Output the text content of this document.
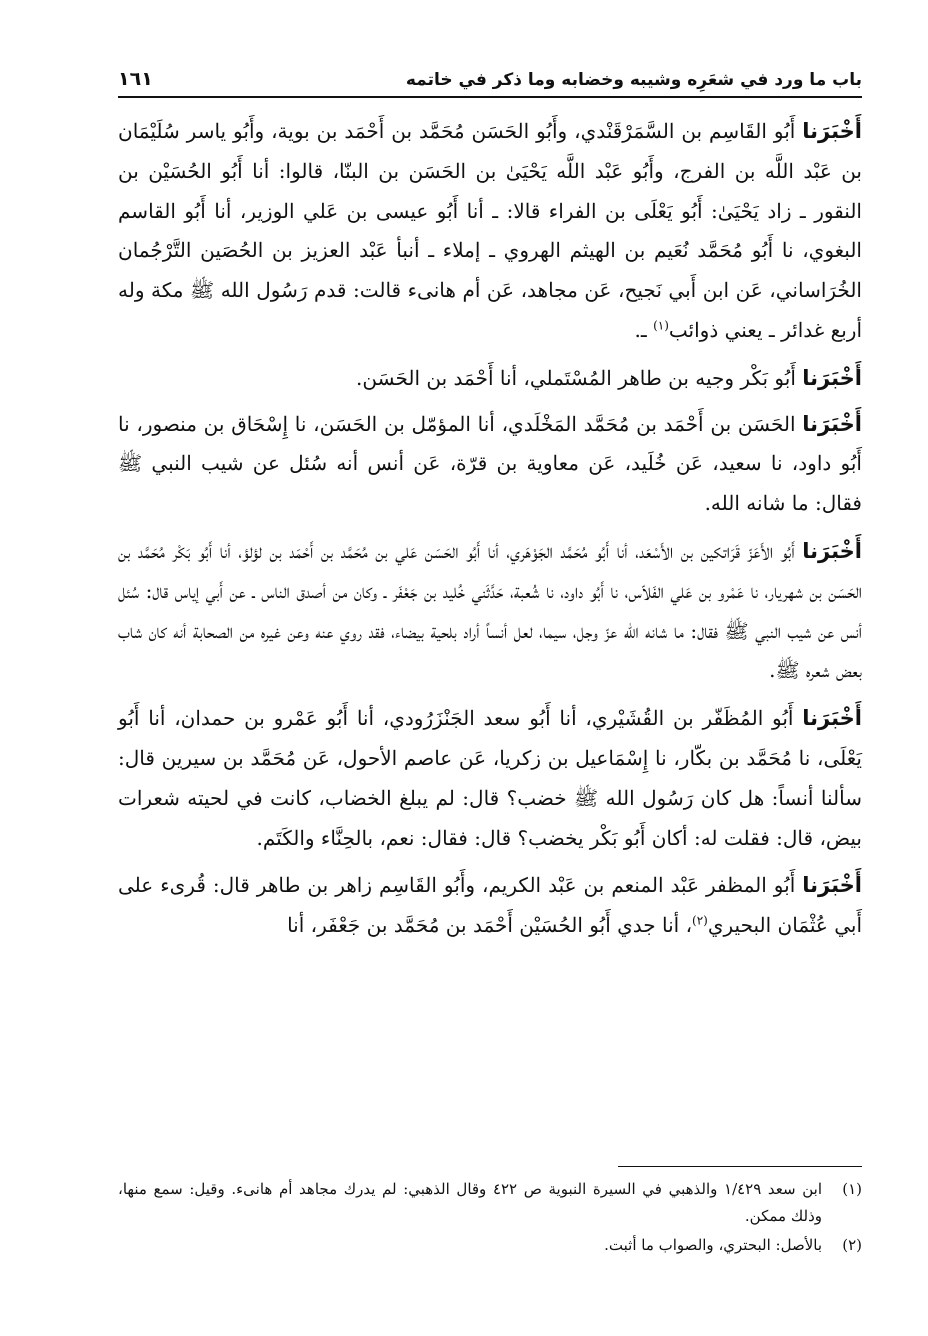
باب ما ورد في شعَرِه وشيبه وخضابه وما ذكر في خاتمه
١٦١

أَخْبَرَنا أَبُو القَاسِم بن السَّمَرْقَنْدي، وأَبُو الحَسَن مُحَمَّد بن أَحْمَد بن بوية، وأَبُو ياسر سُلَيْمَان بن عَبْد اللَّه بن الفرج، وأَبُو عَبْد اللَّه يَحْيَىٰ بن الحَسَن بن البنّا، قالوا: أنا أَبُو الحُسَيْن بن النقور ـ زاد يَحْيَىٰ: أَبُو يَعْلَى بن الفراء قالا: ـ أنا أَبُو عيسى بن عَلي الوزير، أنا أَبُو القاسم البغوي، نا أَبُو مُحَمَّد نُعَيم بن الهيثم الهروي ـ إملاء ـ أنبأ عَبْد العزيز بن الحُصَين التَّرْجُمان الخُرَاساني، عَن ابن أَبي نَجيح، عَن مجاهد، عَن أم هانىء قالت: قدم رَسُول الله ﷺ مكة وله أربع غدائر ـ يعني ذوائب$^{(١)}$ ـ.

أَخْبَرَنا أَبُو بَكْر وجيه بن طاهر المُسْتَملي، أنا أَحْمَد بن الحَسَن.

أَخْبَرَنا الحَسَن بن أَحْمَد بن مُحَمَّد المَخْلَدي، أنا المؤمّل بن الحَسَن، نا إِسْحَاق بن منصور، نا أَبُو داود، نا سعيد، عَن خُلَيد، عَن معاوية بن قرّة، عَن أنس أنه سُئل عن شيب النبي ﷺ فقال: ما شانه الله.

أَخْبَرَنا أَبُو الأَعَزّ قَرَاتكين بن الأَسْعَد، أنا أَبُو مُحَمَّد الجَوْهَري، أنا أَبُو الحَسَن عَلي بن مُحَمَّد بن أَحْمَد بن لؤلؤ، أنا أَبُو بَكْر مُحَمَّد بن الحَسَن بن شهريار، نا عَمْرو بن عَلي الفَلاّس، نا أَبُو داود، نا شُعبة، حَدَّثَني خُليد بن جَعْفَر ـ وكان من أصدق الناس ـ عن أَبي إياس قال: سُئل أنس عن شيب النبي ﷺ فقال: ما شانه الله عزّ وجل، سيما، لعل أنساً أراد بلحية بيضاء، فقد روي عنه وعن غيره من الصحابة أنه كان شاب بعض شعره ﷺ.

أَخْبَرَنا أَبُو المُظَفّر بن القُشَيْري، أنا أَبُو سعد الجَنْزَرُودي، أنا أَبُو عَمْرو بن حمدان، أنا أَبُو يَعْلَى، نا مُحَمَّد بن بكّار، نا إِسْمَاعيل بن زكريا، عَن عاصم الأحول، عَن مُحَمَّد بن سيرين قال: سألنا أنساً: هل كان رَسُول الله ﷺ خضب؟ قال: لم يبلغ الخضاب، كانت في لحيته شعرات بيض، قال: فقلت له: أكان أَبُو بَكْر يخضب؟ قال: فقال: نعم، بالحِنَّاء والكَتَم.

أَخْبَرَنا أَبُو المظفر عَبْد المنعم بن عَبْد الكريم، وأَبُو القَاسِم زاهر بن طاهر قال: قُرىء على أَبي عُثْمَان البحيري$^{(٢)}$، أنا جدي أَبُو الحُسَيْن أَحْمَد بن مُحَمَّد بن جَعْفَر، أنا

(١)
ابن سعد ١/٤٢٩ والذهبي في السيرة النبوية ص ٤٢٢ وقال الذهبي: لم يدرك مجاهد أم هانىء. وقيل: سمع منها، وذلك ممكن.
(٢)
بالأصل: البحتري، والصواب ما أثبت.
